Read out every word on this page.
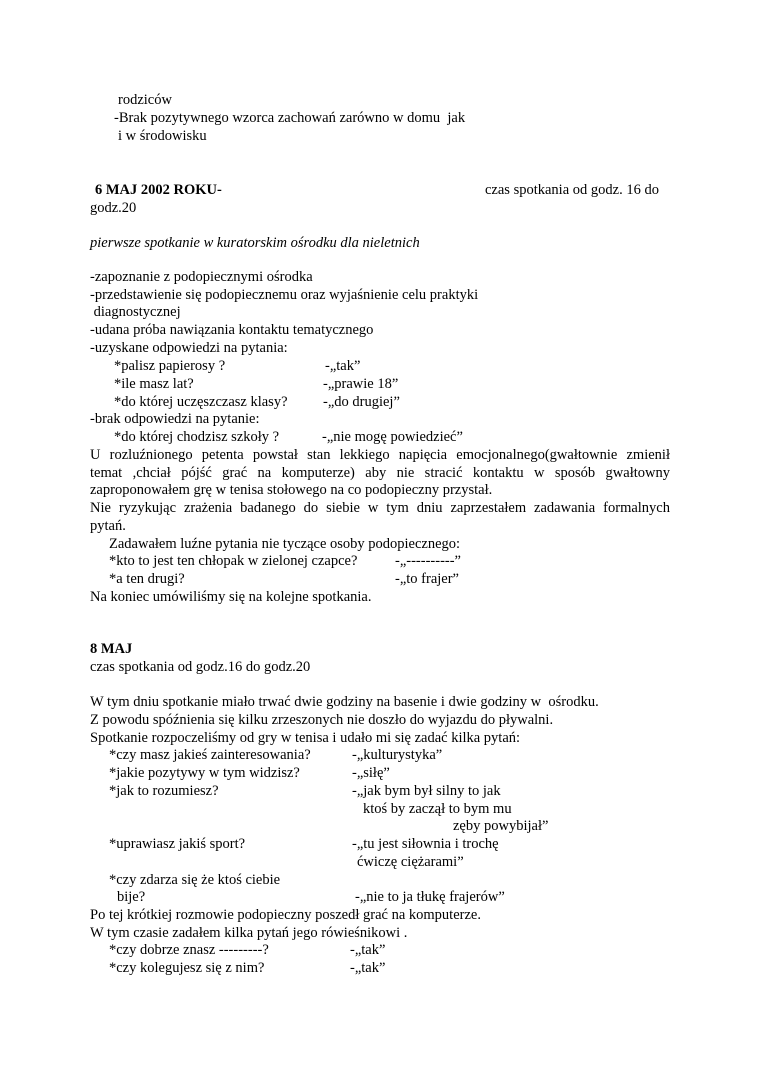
rodziców
-Brak pozytywnego wzorca zachowań zarówno w domu  jak
i w środowisku
6 MAJ 2002 ROKU-	czas spotkania od godz. 16 do
godz.20
pierwsze spotkanie w kuratorskim ośrodku dla nieletnich
-zapoznanie z podopiecznymi ośrodka
-przedstawienie się podopiecznemu oraz wyjaśnienie celu praktyki
diagnostycznej
-udana próba nawiązania kontaktu tematycznego
-uzyskane odpowiedzi na pytania:
*palisz papierosy ?	-„tak”
*ile masz lat?	-„prawie 18”
*do której uczęszczasz klasy? -„do drugiej”
-brak odpowiedzi na pytanie:
*do której chodzisz szkoły ?	-„nie mogę powiedzieć”
U rozluźnionego petenta powstał stan lekkiego napięcia emocjonalnego(gwałtownie zmienił
temat ,chciał pójść grać na komputerze) aby nie stracić kontaktu w sposób gwałtowny
zaproponowałem grę w tenisa stołowego na co podopieczny przystał.
Nie ryzykując zrażenia badanego do siebie w tym dniu zaprzestałem zadawania formalnych
pytań.
Zadawałem luźne pytania nie tyczące osoby podopiecznego:
*kto to jest ten chłopak w zielonej czapce?	-„----------”
*a ten drugi?	-„to frajer”
Na koniec umówiliśmy się na kolejne spotkania.
8 MAJ
czas spotkania od godz.16 do godz.20
W tym dniu spotkanie miało trwać dwie godziny na basenie i dwie godziny w  ośrodku.
Z powodu spóźnienia się kilku zrzeszonych nie doszło do wyjazdu do pływalni.
Spotkanie rozpoczeliśmy od gry w tenisa i udało mi się zadać kilka pytań:
*czy masz jakieś zainteresowania?	-„kulturystyka”
*jakie pozytywy w tym widzisz?	-„siłę”
*jak to rozumiesz?	-„jak bym był silny to jak
ktoś by zaczął to bym mu
zęby powybijał”
*uprawiasz jakiś sport?	-„tu jest siłownia i trochę
ćwiczę ciężarami”
*czy zdarza się że ktoś ciebie
bije?	-„nie to ja tłukę frajerów”
Po tej krótkiej rozmowie podopieczny poszedł grać na komputerze.
W tym czasie zadałem kilka pytań jego rówieśnikowi .
*czy dobrze znasz ---------?	-„tak”
*czy kolegujesz się z nim?	-„tak”
